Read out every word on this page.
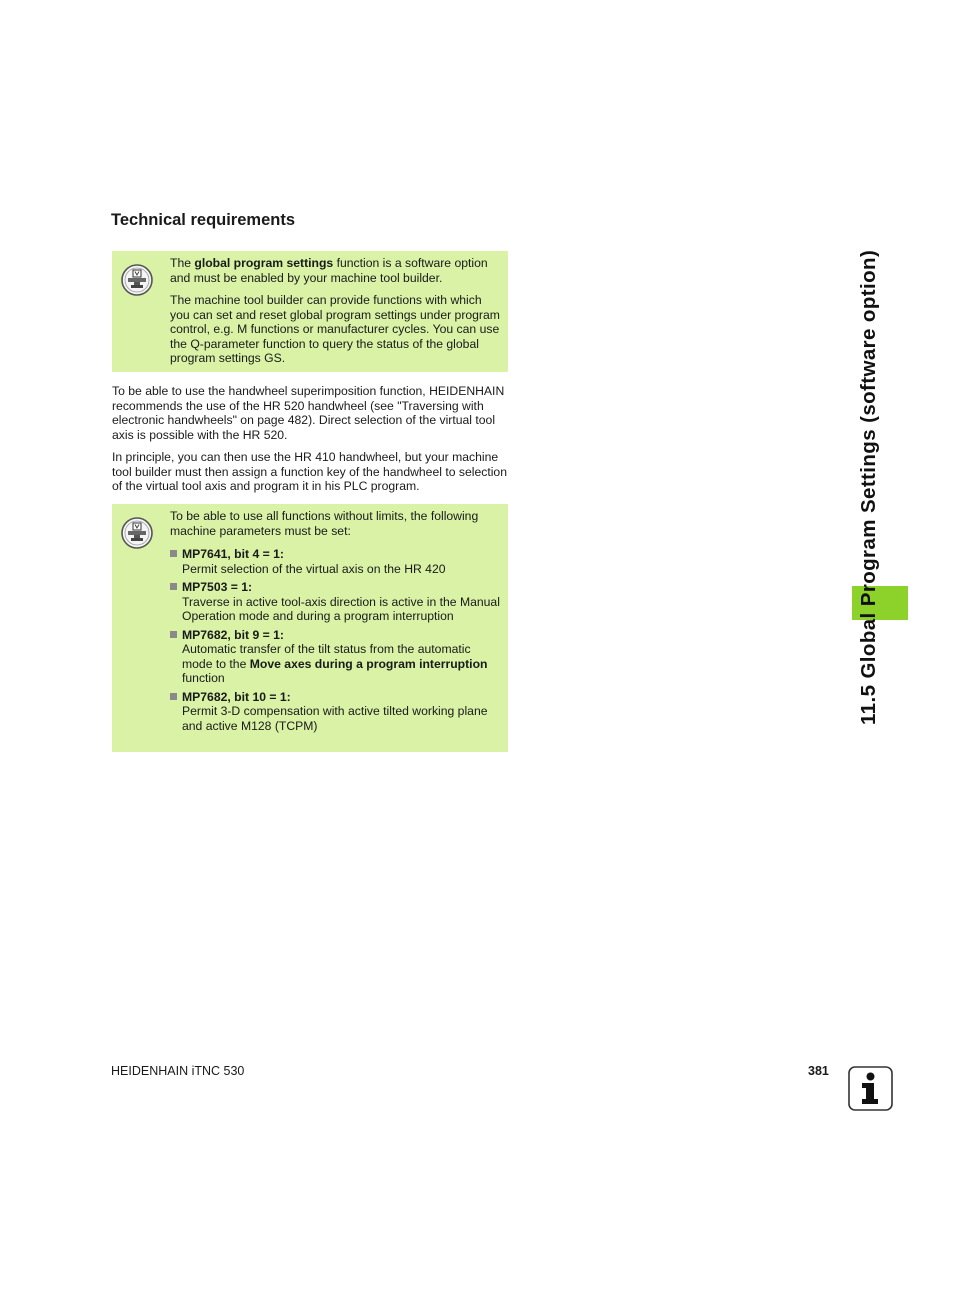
Technical requirements

The global program settings function is a software option and must be enabled by your machine tool builder.

The machine tool builder can provide functions with which you can set and reset global program settings under program control, e.g. M functions or manufacturer cycles. You can use the Q-parameter function to query the status of the global program settings GS.

To be able to use the handwheel superimposition function, HEIDENHAIN recommends the use of the HR 520 handwheel (see "Traversing with electronic handwheels" on page 482). Direct selection of the virtual tool axis is possible with the HR 520.

In principle, you can then use the HR 410 handwheel, but your machine tool builder must then assign a function key of the handwheel to selection of the virtual tool axis and program it in his PLC program.

To be able to use all functions without limits, the following machine parameters must be set:

MP7641, bit 4 = 1:
Permit selection of the virtual axis on the HR 420
MP7503 = 1:
Traverse in active tool-axis direction is active in the Manual Operation mode and during a program interruption
MP7682, bit 9 = 1:
Automatic transfer of the tilt status from the automatic mode to the Move axes during a program interruption function
MP7682, bit 10 = 1:
Permit 3-D compensation with active tilted working plane and active M128 (TCPM)
11.5 Global Program Settings (software option)
HEIDENHAIN iTNC 530	381
